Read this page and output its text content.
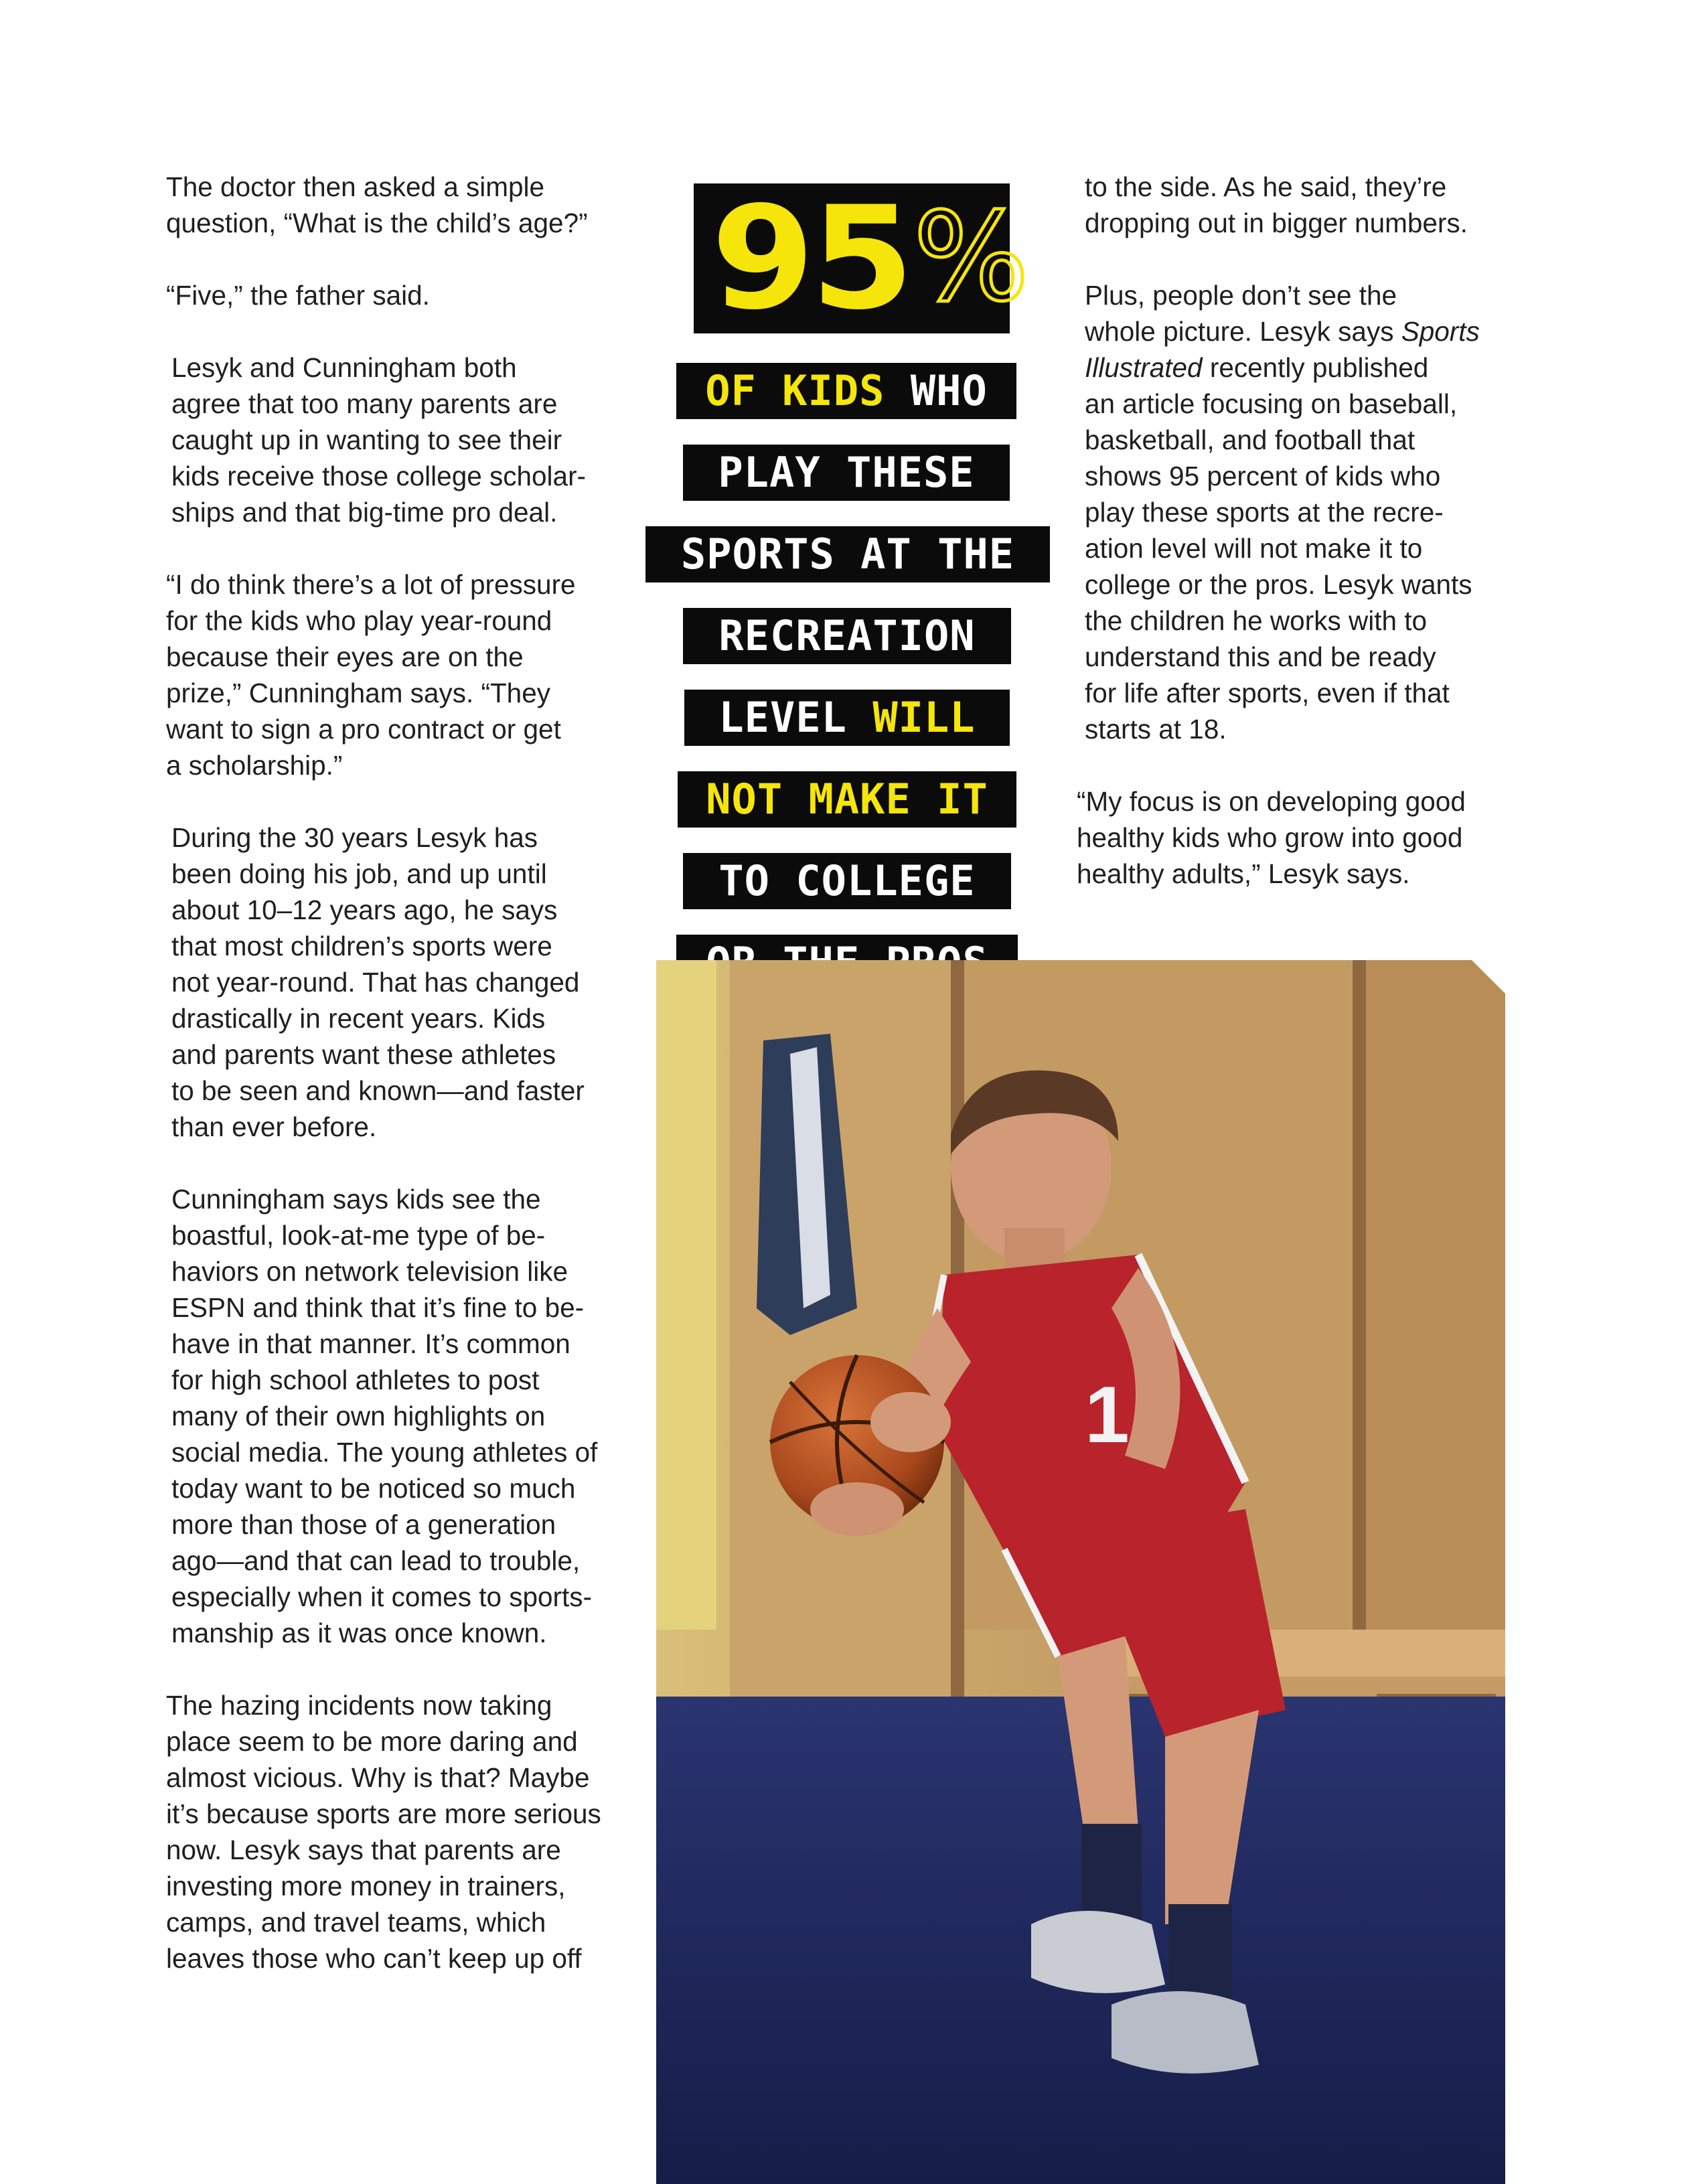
The doctor then asked a simple
question, “What is the child’s age?”

“Five,” the father said.

Lesyk and Cunningham both
agree that too many parents are
caught up in wanting to see their
kids receive those college scholar-
ships and that big-time pro deal.

“I do think there’s a lot of pressure
for the kids who play year-round
because their eyes are on the
prize,” Cunningham says. “They
want to sign a pro contract or get
a scholarship.”

During the 30 years Lesyk has
been doing his job, and up until
about 10–12 years ago, he says
that most children’s sports were
not year-round. That has changed
drastically in recent years. Kids
and parents want these athletes
to be seen and known—and faster
than ever before.

Cunningham says kids see the
boastful, look-at-me type of be-
haviors on network television like
ESPN and think that it’s fine to be-
have in that manner. It’s common
for high school athletes to post
many of their own highlights on
social media. The young athletes of
today want to be noticed so much
more than those of a generation
ago—and that can lead to trouble,
especially when it comes to sports-
manship as it was once known.

The hazing incidents now taking
place seem to be more daring and
almost vicious. Why is that? Maybe
it’s because sports are more serious
now. Lesyk says that parents are
investing more money in trainers,
camps, and travel teams, which
leaves those who can’t keep up off

to the side. As he said, they’re
dropping out in bigger numbers.

Plus, people don’t see the
whole picture. Lesyk says Sports
Illustrated recently published
an article focusing on baseball,
basketball, and football that
shows 95 percent of kids who
play these sports at the recre-
ation level will not make it to
college or the pros. Lesyk wants
the children he works with to
understand this and be ready
for life after sports, even if that
starts at 18.

“My focus is on developing good
healthy kids who grow into good
healthy adults,” Lesyk says.

95 %
OF KIDS WHO
PLAY THESE
SPORTS AT THE
RECREATION
LEVEL WILL
NOT MAKE IT
TO COLLEGE
1
